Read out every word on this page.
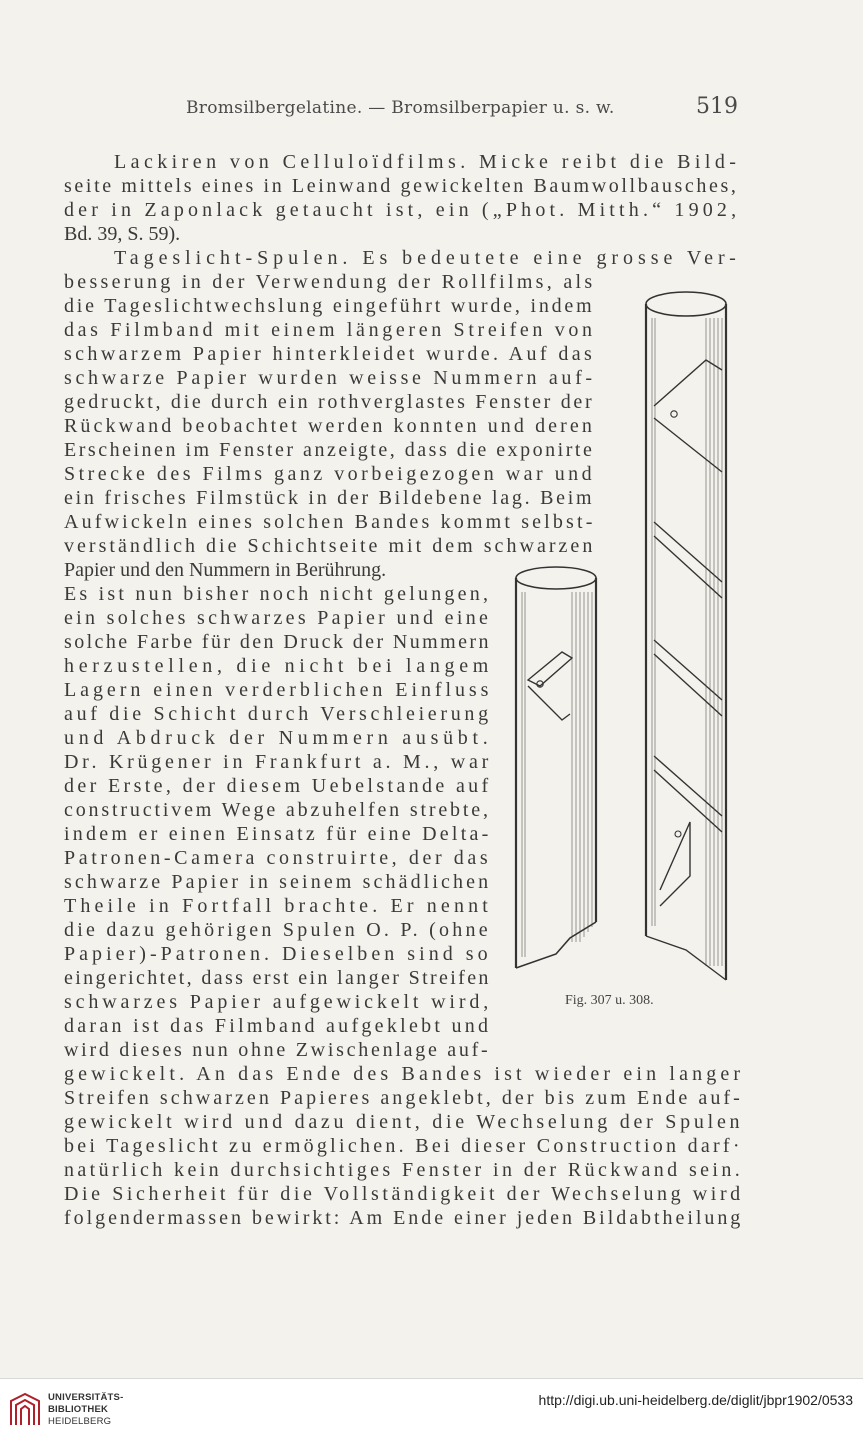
Bromsilbergelatine. — Bromsilberpapier u. s. w.	519
Lackiren von Celluloïdfilms. Micke reibt die Bild-
seite mittels eines in Leinwand gewickelten Baumwollbausches,
der in Zaponlack getaucht ist, ein („Phot. Mitth.“ 1902,
Bd. 39, S. 59).
Tageslicht-Spulen. Es bedeutete eine grosse Ver-
besserung in der Verwendung der Rollfilms, als
die Tageslichtwechslung eingeführt wurde, indem
das Filmband mit einem längeren Streifen von
schwarzem Papier hinterkleidet wurde. Auf das
schwarze Papier wurden weisse Nummern auf-
gedruckt, die durch ein rothverglastes Fenster der
Rückwand beobachtet werden konnten und deren
Erscheinen im Fenster anzeigte, dass die exponirte
Strecke des Films ganz vorbeigezogen war und
ein frisches Filmstück in der Bildebene lag. Beim
Aufwickeln eines solchen Bandes kommt selbst-
verständlich die Schichtseite mit dem schwarzen
Papier und den Nummern in Berührung.
Es ist nun bisher noch nicht gelungen,
ein solches schwarzes Papier und eine
solche Farbe für den Druck der Nummern
herzustellen, die nicht bei langem
Lagern einen verderblichen Einfluss
auf die Schicht durch Verschleierung
und Abdruck der Nummern ausübt.
Dr. Krügener in Frankfurt a. M., war
der Erste, der diesem Uebelstande auf
constructivem Wege abzuhelfen strebte,
indem er einen Einsatz für eine Delta-
Patronen-Camera construirte, der das
schwarze Papier in seinem schädlichen
Theile in Fortfall brachte. Er nennt
die dazu gehörigen Spulen O. P. (ohne
Papier)-Patronen. Dieselben sind so
eingerichtet, dass erst ein langer Streifen
schwarzes Papier aufgewickelt wird,
daran ist das Filmband aufgeklebt und
wird dieses nun ohne Zwischenlage auf-
gewickelt. An das Ende des Bandes ist wieder ein langer
Streifen schwarzen Papieres angeklebt, der bis zum Ende auf-
gewickelt wird und dazu dient, die Wechselung der Spulen
bei Tageslicht zu ermöglichen. Bei dieser Construction darf·
natürlich kein durchsichtiges Fenster in der Rückwand sein.
Die Sicherheit für die Vollständigkeit der Wechselung wird
folgendermassen bewirkt: Am Ende einer jeden Bildabtheilung
Fig. 307 u. 308.
UNIVERSITÄTS-
BIBLIOTHEK
HEIDELBERG
http://digi.ub.uni-heidelberg.de/diglit/jbpr1902/0533
